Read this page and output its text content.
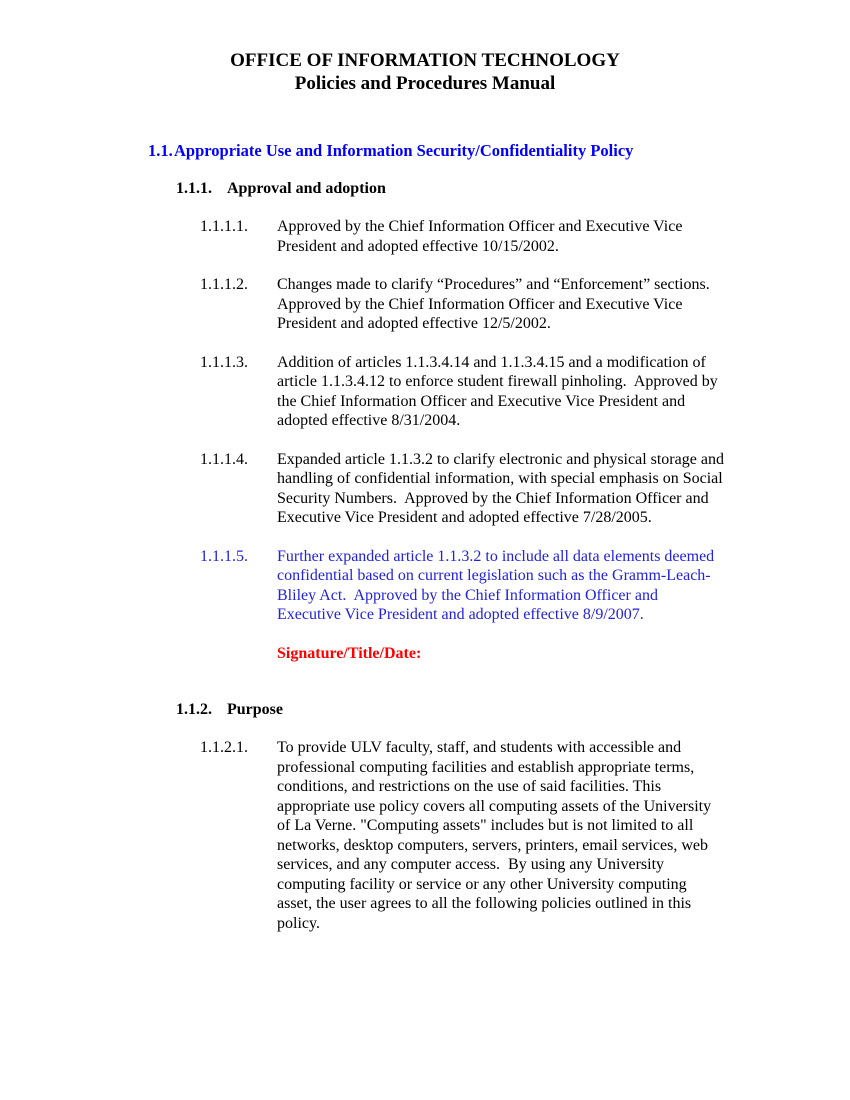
OFFICE OF INFORMATION TECHNOLOGY
Policies and Procedures Manual
1.1. Appropriate Use and Information Security/Confidentiality Policy
1.1.1. Approval and adoption
1.1.1.1.	Approved by the Chief Information Officer and Executive Vice President and adopted effective 10/15/2002.
1.1.1.2.	Changes made to clarify “Procedures” and “Enforcement” sections.  Approved by the Chief Information Officer and Executive Vice President and adopted effective 12/5/2002.
1.1.1.3.	Addition of articles 1.1.3.4.14 and 1.1.3.4.15 and a modification of article 1.1.3.4.12 to enforce student firewall pinholing.  Approved by the Chief Information Officer and Executive Vice President and adopted effective 8/31/2004.
1.1.1.4.	Expanded article 1.1.3.2 to clarify electronic and physical storage and handling of confidential information, with special emphasis on Social Security Numbers.  Approved by the Chief Information Officer and Executive Vice President and adopted effective 7/28/2005.
1.1.1.5.	Further expanded article 1.1.3.2 to include all data elements deemed confidential based on current legislation such as the Gramm-Leach-Bliley Act.  Approved by the Chief Information Officer and Executive Vice President and adopted effective 8/9/2007.
Signature/Title/Date:
1.1.2. Purpose
1.1.2.1.	To provide ULV faculty, staff, and students with accessible and professional computing facilities and establish appropriate terms, conditions, and restrictions on the use of said facilities. This appropriate use policy covers all computing assets of the University of La Verne. "Computing assets" includes but is not limited to all networks, desktop computers, servers, printers, email services, web services, and any computer access.  By using any University computing facility or service or any other University computing asset, the user agrees to all the following policies outlined in this policy.
